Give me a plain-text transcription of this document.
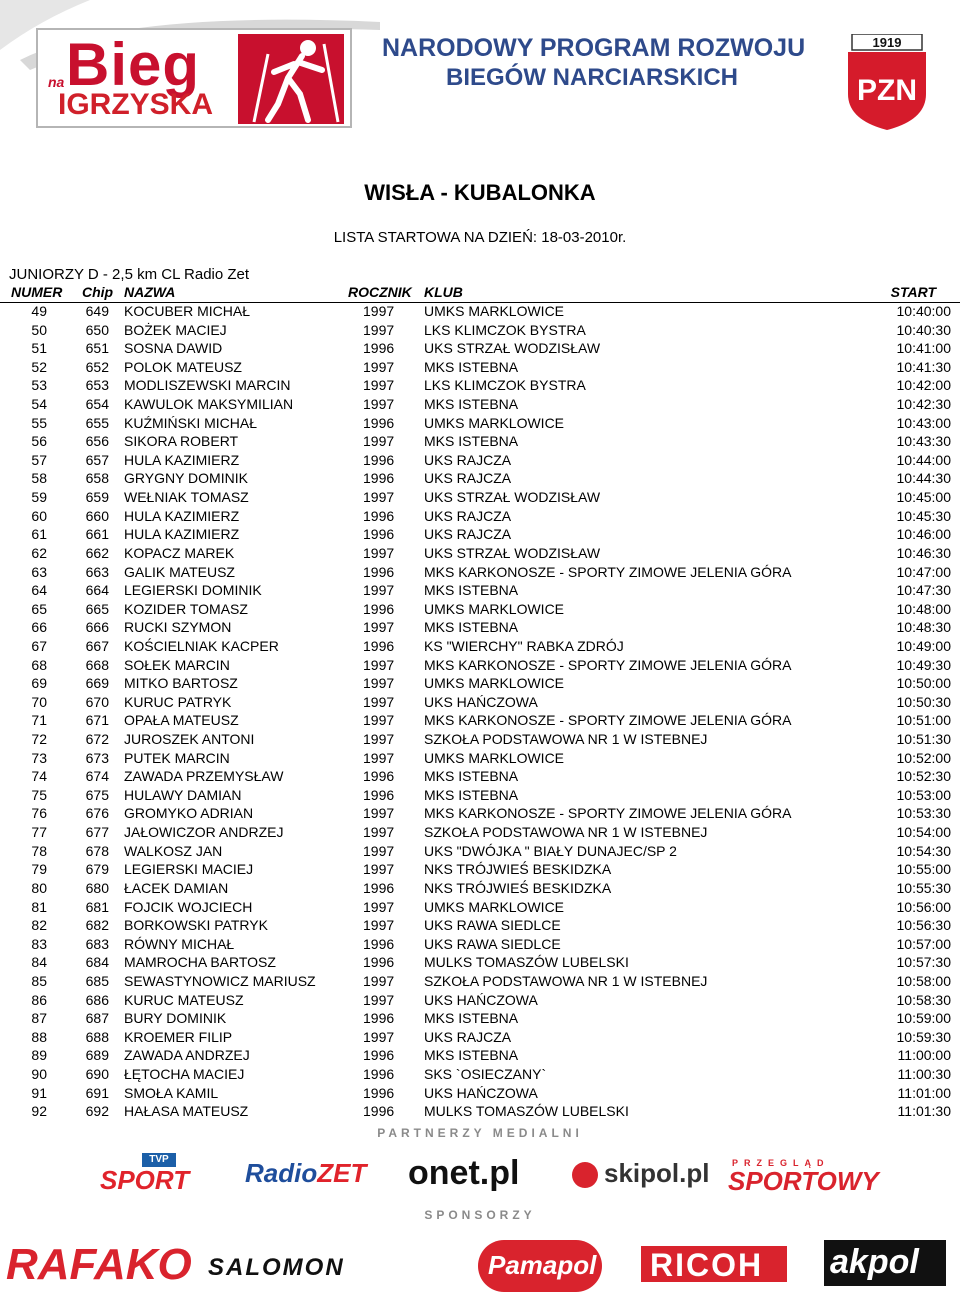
na Bieg
IGRZYSKA
NARODOWY PROGRAM ROZWOJU
BIEGÓW NARCIARSKICH
1919
PZN
WISŁA - KUBALONKA
LISTA STARTOWA NA DZIEŃ: 18-03-2010r.
JUNIORZY D - 2,5 km CL Radio Zet
NUMER Chip NAZWA	ROCZNIK KLUB	START
49	649 KOCUBER MICHAŁ	1997 UMKS MARKLOWICE	10:40:00
50	650 BOŻEK MACIEJ	1997 LKS KLIMCZOK BYSTRA	10:40:30
51	651 SOSNA DAWID	1996 UKS STRZAŁ WODZISŁAW	10:41:00
52	652 POLOK MATEUSZ	1997 MKS ISTEBNA	10:41:30
53	653 MODLISZEWSKI MARCIN	1997 LKS KLIMCZOK BYSTRA	10:42:00
54	654 KAWULOK MAKSYMILIAN	1997 MKS ISTEBNA	10:42:30
55	655 KUŹMIŃSKI MICHAŁ	1996 UMKS MARKLOWICE	10:43:00
56	656 SIKORA ROBERT	1997 MKS ISTEBNA	10:43:30
57	657 HULA KAZIMIERZ	1996 UKS RAJCZA	10:44:00
58	658 GRYGNY DOMINIK	1996 UKS RAJCZA	10:44:30
59	659 WEŁNIAK TOMASZ	1997 UKS STRZAŁ WODZISŁAW	10:45:00
60	660 HULA KAZIMIERZ	1996 UKS RAJCZA	10:45:30
61	661 HULA KAZIMIERZ	1996 UKS RAJCZA	10:46:00
62	662 KOPACZ MAREK	1997 UKS STRZAŁ WODZISŁAW	10:46:30
63	663 GALIK MATEUSZ	1996 MKS KARKONOSZE - SPORTY ZIMOWE JELENIA GÓRA	10:47:00
64	664 LEGIERSKI DOMINIK	1997 MKS ISTEBNA	10:47:30
65	665 KOZIDER TOMASZ	1996 UMKS MARKLOWICE	10:48:00
66	666 RUCKI SZYMON	1997 MKS ISTEBNA	10:48:30
67	667 KOŚCIELNIAK KACPER	1996 KS "WIERCHY" RABKA ZDRÓJ	10:49:00
68	668 SOŁEK MARCIN	1997 MKS KARKONOSZE - SPORTY ZIMOWE JELENIA GÓRA	10:49:30
69	669 MITKO BARTOSZ	1997 UMKS MARKLOWICE	10:50:00
70	670 KURUC PATRYK	1997 UKS HAŃCZOWA	10:50:30
71	671 OPAŁA MATEUSZ	1997 MKS KARKONOSZE - SPORTY ZIMOWE JELENIA GÓRA	10:51:00
72	672 JUROSZEK ANTONI	1997 SZKOŁA PODSTAWOWA NR 1 W ISTEBNEJ	10:51:30
73	673 PUTEK MARCIN	1997 UMKS MARKLOWICE	10:52:00
74	674 ZAWADA PRZEMYSŁAW	1996 MKS ISTEBNA	10:52:30
75	675 HULAWY DAMIAN	1996 MKS ISTEBNA	10:53:00
76	676 GROMYKO ADRIAN	1997 MKS KARKONOSZE - SPORTY ZIMOWE JELENIA GÓRA	10:53:30
77	677 JAŁOWICZOR ANDRZEJ	1997 SZKOŁA PODSTAWOWA NR 1 W ISTEBNEJ	10:54:00
78	678 WALKOSZ JAN	1997 UKS "DWÓJKA " BIAŁY DUNAJEC/SP 2	10:54:30
79	679 LEGIERSKI MACIEJ	1997 NKS TRÓJWIEŚ BESKIDZKA	10:55:00
80	680 ŁACEK DAMIAN	1996 NKS TRÓJWIEŚ BESKIDZKA	10:55:30
81	681 FOJCIK WOJCIECH	1997 UMKS MARKLOWICE	10:56:00
82	682 BORKOWSKI PATRYK	1997 UKS RAWA SIEDLCE	10:56:30
83	683 RÓWNY MICHAŁ	1996 UKS RAWA SIEDLCE	10:57:00
84	684 MAMROCHA BARTOSZ	1996 MULKS TOMASZÓW LUBELSKI	10:57:30
85	685 SEWASTYNOWICZ MARIUSZ	1997 SZKOŁA PODSTAWOWA NR 1 W ISTEBNEJ	10:58:00
86	686 KURUC MATEUSZ	1997 UKS HAŃCZOWA	10:58:30
87	687 BURY DOMINIK	1996 MKS ISTEBNA	10:59:00
88	688 KROEMER FILIP	1997 UKS RAJCZA	10:59:30
89	689 ZAWADA ANDRZEJ	1996 MKS ISTEBNA	11:00:00
90	690 ŁĘTOCHA MACIEJ	1996 SKS `OSIECZANY`	11:00:30
91	691 SMOŁA KAMIL	1996 UKS HAŃCZOWA	11:01:00
92	692 HAŁASA MATEUSZ	1996 MULKS TOMASZÓW LUBELSKI	11:01:30
PARTNERZY MEDIALNI
TVP
SPORT RadioZET onet.pl	skipol.pl	PRZEGLĄD
SPORTOWY
SPONSORZY
RAFAKO SALOMON	Pamapol RICOH akpol
